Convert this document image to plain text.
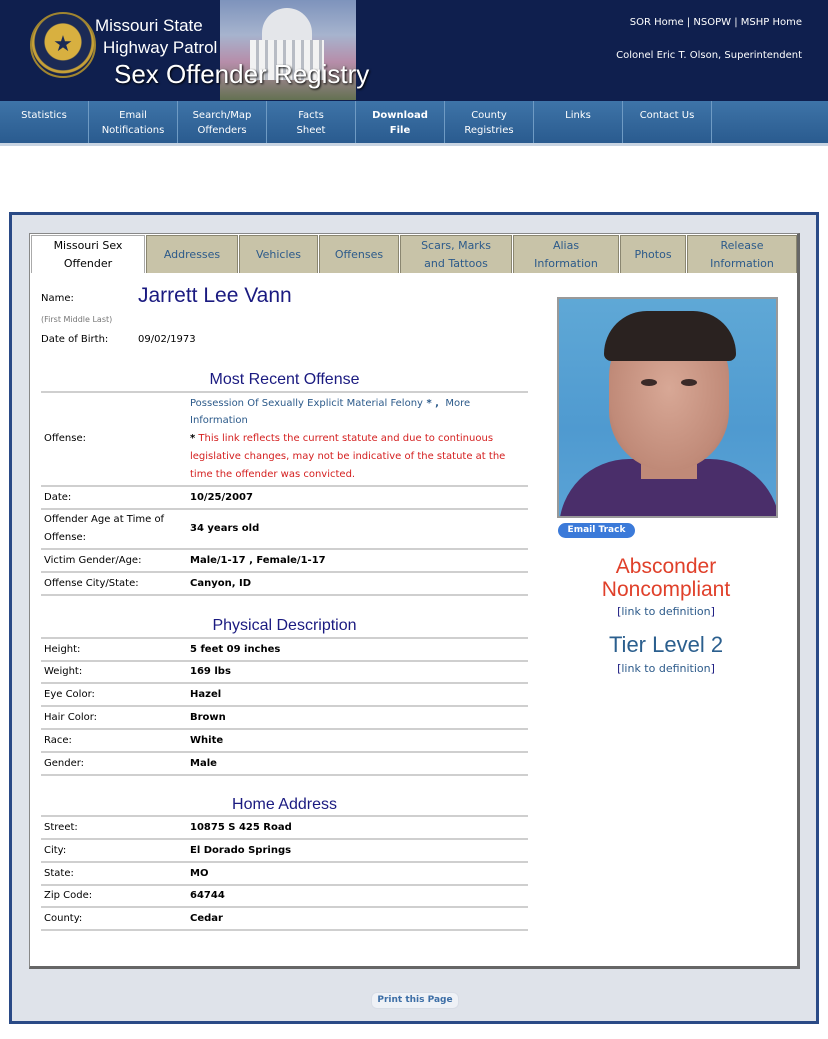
★
Missouri State
Highway Patrol
Sex Offender Registry
SOR Home | NSOPW | MSHP Home
Colonel Eric T. Olson, Superintendent
Statistics	Email
Notifications
Search/Map
Offenders
Facts
Sheet
Download
File
County
Registries
Links	Contact Us
Missouri Sex
Offender
Addresses	Vehicles	Offenses
Scars, Marks
and Tattoos
Alias
Information
Photos
Release
Information
Name:
(First Middle Last)
Jarrett Lee Vann
Date of Birth:	09/02/1973
Most Recent Offense
Offense:
Possession Of Sexually Explicit Material Felony * , More Information
* This link reflects the current statute and due to continuous legislative changes, may not be indicative of the statute at the time the offender was convicted.
Date:	10/25/2007
Offender Age at Time of Offense:
34 years old
Victim Gender/Age:	Male/1-17 , Female/1-17
Offense City/State:	Canyon, ID
Physical Description
Height:	5 feet 09 inches
Weight:	169 lbs
Eye Color:	Hazel
Hair Color:	Brown
Race:	White
Gender:	Male
Home Address
Street:	10875 S 425 Road
City:	El Dorado Springs
State:	MO
Zip Code:	64744
County:	Cedar
Email Track
Absconder
Noncompliant
[link to definition]
Tier Level 2
[link to definition]
Print this Page
